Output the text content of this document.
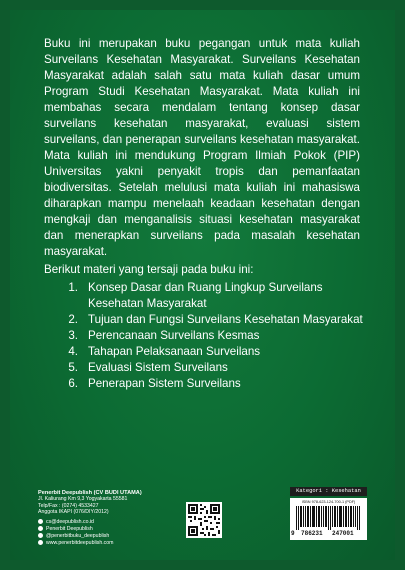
Buku ini merupakan buku pegangan untuk mata kuliah Surveilans Kesehatan Masyarakat. Surveilans Kesehatan Masyarakat adalah salah satu mata kuliah dasar umum Program Studi Kesehatan Masyarakat. Mata kuliah ini membahas secara mendalam tentang konsep dasar surveilans kesehatan masyarakat, evaluasi sistem surveilans, dan penerapan surveilans kesehatan masyarakat. Mata kuliah ini mendukung Program Ilmiah Pokok (PIP) Universitas yakni penyakit tropis dan pemanfaatan biodiversitas. Setelah melulusi mata kuliah ini mahasiswa diharapkan mampu menelaah keadaan kesehatan dengan mengkaji dan menganalisis situasi kesehatan masyarakat dan menerapkan surveilans pada masalah kesehatan masyarakat.

Berikut materi yang tersaji pada buku ini:

1. Konsep Dasar dan Ruang Lingkup Surveilans Kesehatan Masyarakat
2. Tujuan dan Fungsi Surveilans Kesehatan Masyarakat
3. Perencanaan Surveilans Kesmas
4. Tahapan Pelaksanaan Surveilans
5. Evaluasi Sistem Surveilans
6. Penerapan Sistem Surveilans
Penerbit Deepublish (CV BUDI UTAMA)
Jl. Kaliurang Km 9,3 Yogyakarta 55581
Telp/Fax : (0274) 4533427
Anggota IKAPI (076/DIY/2012)
cs@deepublish.co.id
Penerbit Deepublish
@penerbitbuku_deepublish
www.penerbitdeepublish.com
Kategori : Kesehatan
ISBN 978-623-124-700-1 (PDF)
9 786231 247001
